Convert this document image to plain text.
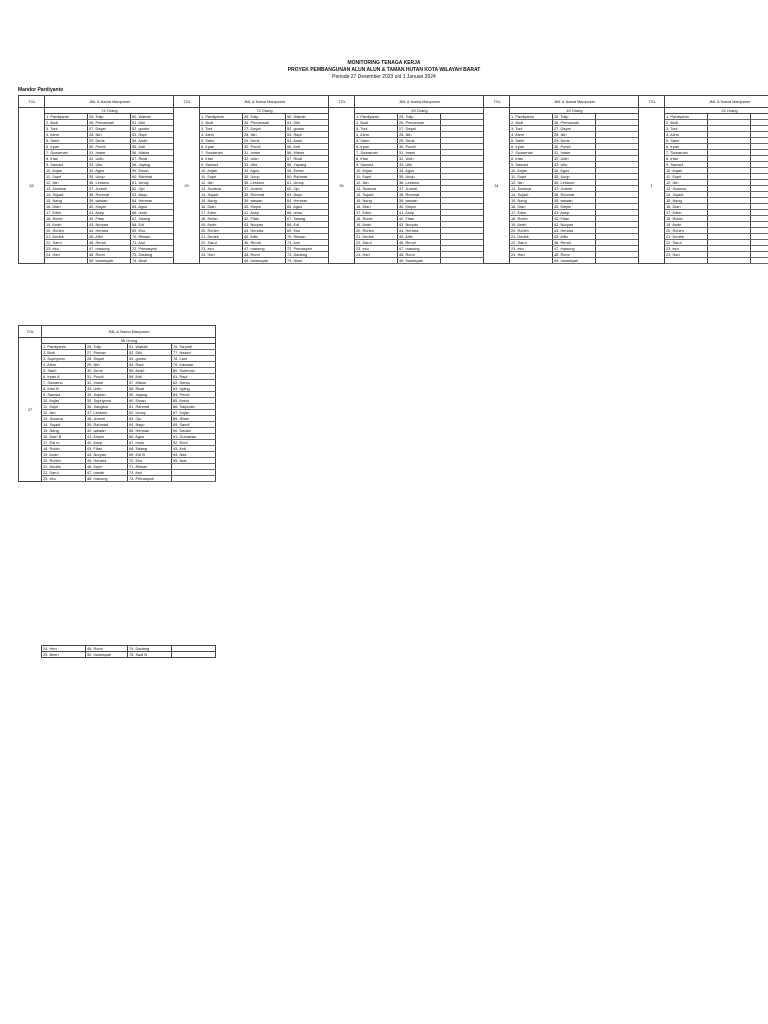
MONITORING TENAGA KERJA
PROYEK PEMBANGUNAN ALUN ALUN & TAMAN HUTAN KOTA WILAYAH BARAT
Periode 27 Desember 2023 s/d 1 Januari 2024
Mandor Pardiyanto
TGL	JML & Nama Manpower			TGL	JML & Nama Manpower			TGL	JML & Nama Manpower			TGL	JML & Nama Manpower			TGL	JML & Nama Manpower		
28	74 Orang			29	74 Orang			30	49 Orang			31	49 Orang			1	24 Orang		
	1. Pardiyanto	25. Tolip	50. Wahab		1. Pardiyanto	25. Tolip	50. Wahab		1. Pardiyanto	25. Tolip			1. Pardiyanto	25. Tolip			1. Pardiyanto		
	2. Budi	26. Pirmansah	51. Diki		2. Budi	26. Pirmansah	51. Diki		2. Budi	26. Pirmansah			2. Budi	26. Pirmansah			2. Budi		
	3. Toni	27. Dayat	52. guntur		3. Toni	27. Dayat	52. guntur		3. Toni	27. Dayat			3. Toni	27. Dayat			3. Toni		
	4. Alem	28. Ikin	53. Rapi		4. Alem	28. Ikin	53. Rapi		4. Alem	28. Ikin			4. Alem	28. Ikin			4. Alem		
	5. Sahri	29. Deris	54. Andri		5. Sahri	29. Deris	54. Andri		5. Sahri	29. Deris			5. Sahri	29. Deris			5. Sahri		
	6. Irpan	30. Pundi	55. Ardi		6. Irpan	30. Pundi	55. Ardi		6. Irpan	30. Pundi			6. Irpan	30. Pundi			6. Irpan		
	7. Suwarnah	31. Imam	56. Mistar		7. Suwarnah	31. Imam	56. Mistar		7. Suwarnah	31. Imam			7. Suwarnah	31. Imam			7. Suwarnah		
	8. Irfan	32. Udin	57. Rizal		8. Irfan	32. Udin	57. Rizal		8. Irfan	32. Udin			8. Irfan	32. Udin			8. Irfan		
	9. Samsul	33. Utis	58. Jajang		9. Samsul	33. Utis	58. Yayang		9. Samsul	33. Utis			9. Samsul	33. Utis			9. Samsul		
	10. Anjan	34. Agus	59. Eman		10. Anjan	34. Agus	59. Eman		10. Anjan	34. Agus			10. Anjan	34. Agus			10. Anjan		
	11. Supri	35. Ucup	60. Rahmat		11. Supri	35. Ucup	60. Rahmat		11. Supri	35. Ucup			11. Supri	35. Ucup			11. Supri		
	12. Ikin	36. Lestono	61. Umay		12. Ikin	36. Lestono	61. Umay		12. Ikin	36. Lestono			12. Ikin	36. Lestono			12. Ikin		
	13. Sudana	37. Juremi	62. Ojo		13. Sudana	37. Juremi	62. Ojo		13. Sudana	37. Juremi			13. Sudana	37. Juremi			13. Sudana		
	14. Sujadi	38. Rohmat	63. Bayu		14. Sujadi	38. Rohmat	63. Bayu		14. Sujadi	38. Rohmat			14. Sujadi	38. Rohmat			14. Sujadi		
	15. Nang	39. wawan	64. Herman		15. Nang	39. wawan	64. Herman		15. Nang	39. wawan			15. Nang	39. wawan			15. Nang		
	16. Dian	40. Klepin	65. Agus		16. Dian	40. Klepin	65. Agus		16. Dian	40. Klepin			16. Dian	40. Klepin			16. Dian		
	17. Edim	41. Asep	66. restu		17. Edim	41. Asep	66. restu		17. Edim	41. Asep			17. Edim	41. Asep			17. Edim		
	18. Robin	42. Fifan	67. Tatang		18. Robin	42. Fifan	67. Tatang		18. Robin	42. Fifan			18. Robin	42. Fifan			18. Robin		
	19. Andri	43. Nuryan	68. Edi		19. Andri	43. Nuryan	68. Edi		19. Andri	43. Nuryan			19. Andri	43. Nuryan			19. Andri		
	20. Rohim	44. Hendra	69. Eko		20. Rohim	44. Hendra	69. Eko		20. Rohim	44. Hendra			20. Rohim	44. Hendra			20. Rohim		
	21. Dedek	45. Alfin	70. Ritwan		21. Dedek	45. Alfin	70. Ritwan		21. Dedek	45. Alfin			21. Dedek	45. Alfin			21. Dedek		
	22. Sarul	46. Rendi	71. Arul		22. Sarul	46. Rendi	71. Arul		22. Sarul	46. Rendi			22. Sarul	46. Rendi			22. Sarul		
	23. eko	47. manung	72. Primasyah		23. eko	47. manung	72. Primasyah		23. eko	47. manung			23. eko	47. manung			23. eko		
	24. Hari	48. Romi	73. Dadang		24. Hari	48. Romi	73. Dadang		24. Hari	48. Romi			24. Hari	48. Romi			24. Hari		
		49. Irwansyah	74. Ikbal			49. Irwansyah	74. Ikbal			49. Irwansyah				49. Irwansyah					
TGL	JML & Nama Manpower			
27	95 Orang			
	1. Pardiyanto	26. Tolip	51. Wahab	76. Taryudi
	2. Budi	27. Pirman	52. Diki	77. Hasan
	3. Supriyono	28. Dayat	53. guntur	78. Lani
	4. Alem	29. Ikin	54. Rapi	79. Kaswan
	5. Sahri	30. Deris	55. Andri	80. Subiman
	6. Irpan A	31. Pundi	56. Aldi	81. Rapi
	7. Suwarno	32. Imam	57. Mistar	82. Darso
	8. Irfan B	33. Udin	58. Rizal	83. Ujang
	9. Samsul	34. Sopian	59. Jajang	84. Pendi
	10. Anjan	35. Supriyono	60. Eman	85. Antok
	11. Supri	36. Sangkut	61. Rahmat	86. Saipudin
	12. Ikin	37. Lestono	62. Umay	87. Kojan
	13. Sudana	38. Juremi	63. Ojo	88. Ifham
	14. Sujadi	39. Rahmad	64. Bayu	89. Sandi
	15. Nang	40. wawan	65. Herman	90. Dadan
	16. Dian B	41. Klepin	66. Agus	91. Gunawan
	17. Edi m	42. Asep	67. restu	92. Roni
	18. Robin	43. Fifan	68. Tatang	93. Ardi
	19. Andri	44. Nuryan	69. Edi B	94. Nas
	20. Rohim	45. Hendra	70. Eko	95. Iklal
	21. Dedek	46. Arpin	71. Ritwan	
	22. Sarul	47. nanah	72. Arul	
	23. eko	48. manung	73. Primasyah	
24. Heri	49. Romi	74. Dadang	
25. Beeri	50. Irwansyah	75. Sadi B	
